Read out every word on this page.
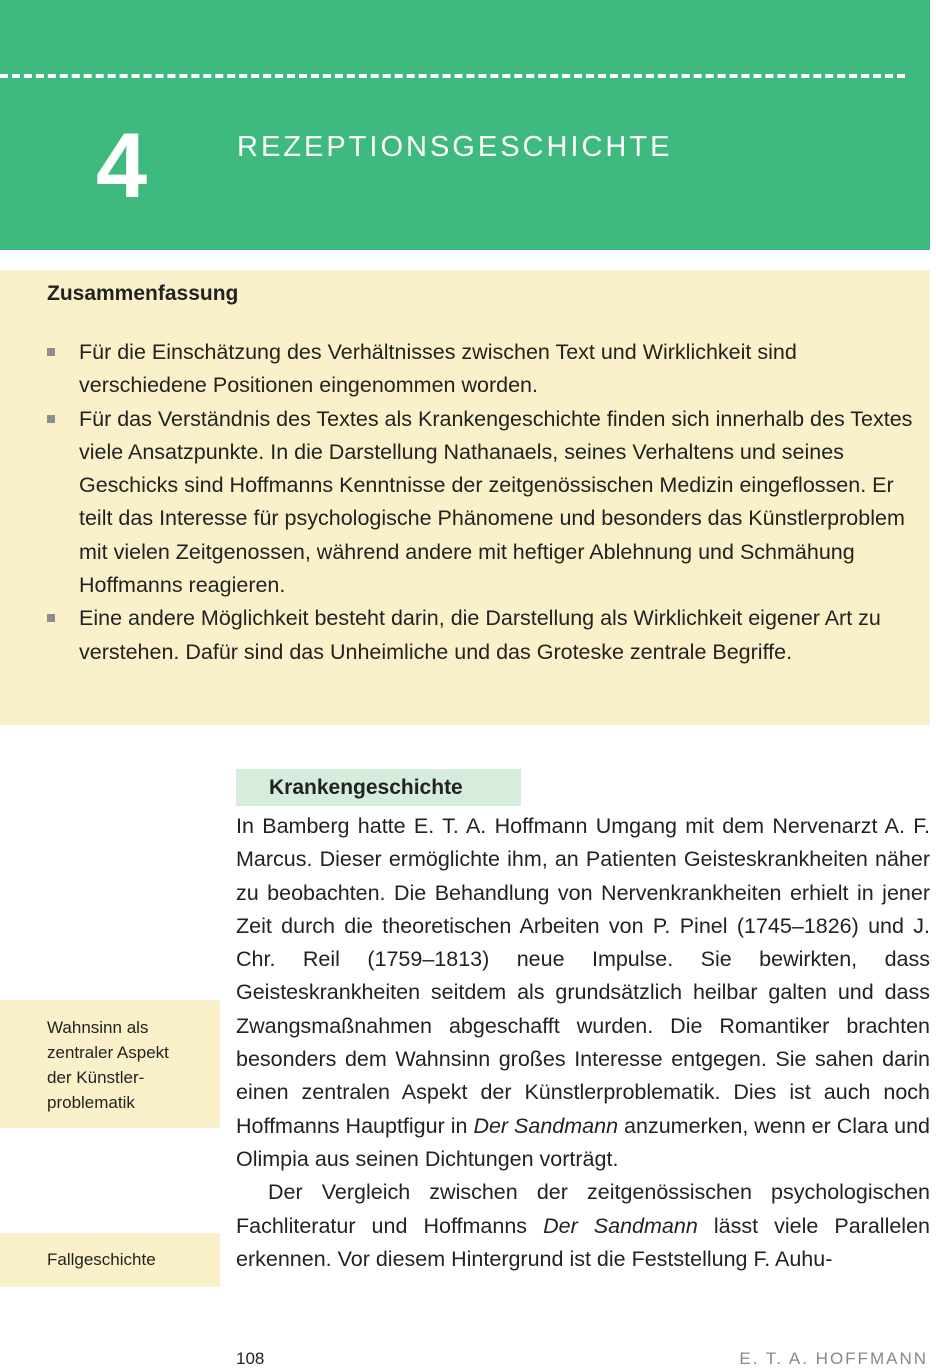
4	REZEPTIONSGESCHICHTE
Zusammenfassung
Für die Einschätzung des Verhältnisses zwischen Text und Wirklichkeit sind verschiedene Positionen eingenommen worden.
Für das Verständnis des Textes als Krankengeschichte finden sich innerhalb des Textes viele Ansatzpunkte. In die Darstellung Nathanaels, seines Verhaltens und seines Geschicks sind Hoffmanns Kenntnisse der zeitgenössischen Medizin eingeflossen. Er teilt das Interesse für psychologische Phänomene und besonders das Künstlerproblem mit vielen Zeitgenossen, während andere mit heftiger Ablehnung und Schmähung Hoffmanns reagieren.
Eine andere Möglichkeit besteht darin, die Darstellung als Wirklichkeit eigener Art zu verstehen. Dafür sind das Unheimliche und das Groteske zentrale Begriffe.
Krankengeschichte

In Bamberg hatte E. T. A. Hoffmann Umgang mit dem Nervenarzt A. F. Marcus. Dieser ermöglichte ihm, an Patienten Geisteskrankheiten näher zu beobachten. Die Behandlung von Nervenkrankheiten erhielt in jener Zeit durch die theoretischen Arbeiten von P. Pinel (1745–1826) und J. Chr. Reil (1759–1813) neue Impulse. Sie bewirkten, dass Geisteskrankheiten seitdem als grundsätzlich heilbar galten und dass Zwangsmaßnahmen abgeschafft wurden. Die Romantiker brachten besonders dem Wahnsinn großes Interesse entgegen. Sie sahen darin einen zentralen Aspekt der Künstlerproblematik. Dies ist auch noch Hoffmanns Hauptfigur in Der Sandmann anzumerken, wenn er Clara und Olimpia aus seinen Dichtungen vorträgt.

Der Vergleich zwischen der zeitgenössischen psychologischen Fachliteratur und Hoffmanns Der Sandmann lässt viele Parallelen erkennen. Vor diesem Hintergrund ist die Feststellung F. Auhu-

Wahnsinn als
zentraler Aspekt
der Künstler-
problematik
Fallgeschichte
108	E. T. A. HOFFMANN
